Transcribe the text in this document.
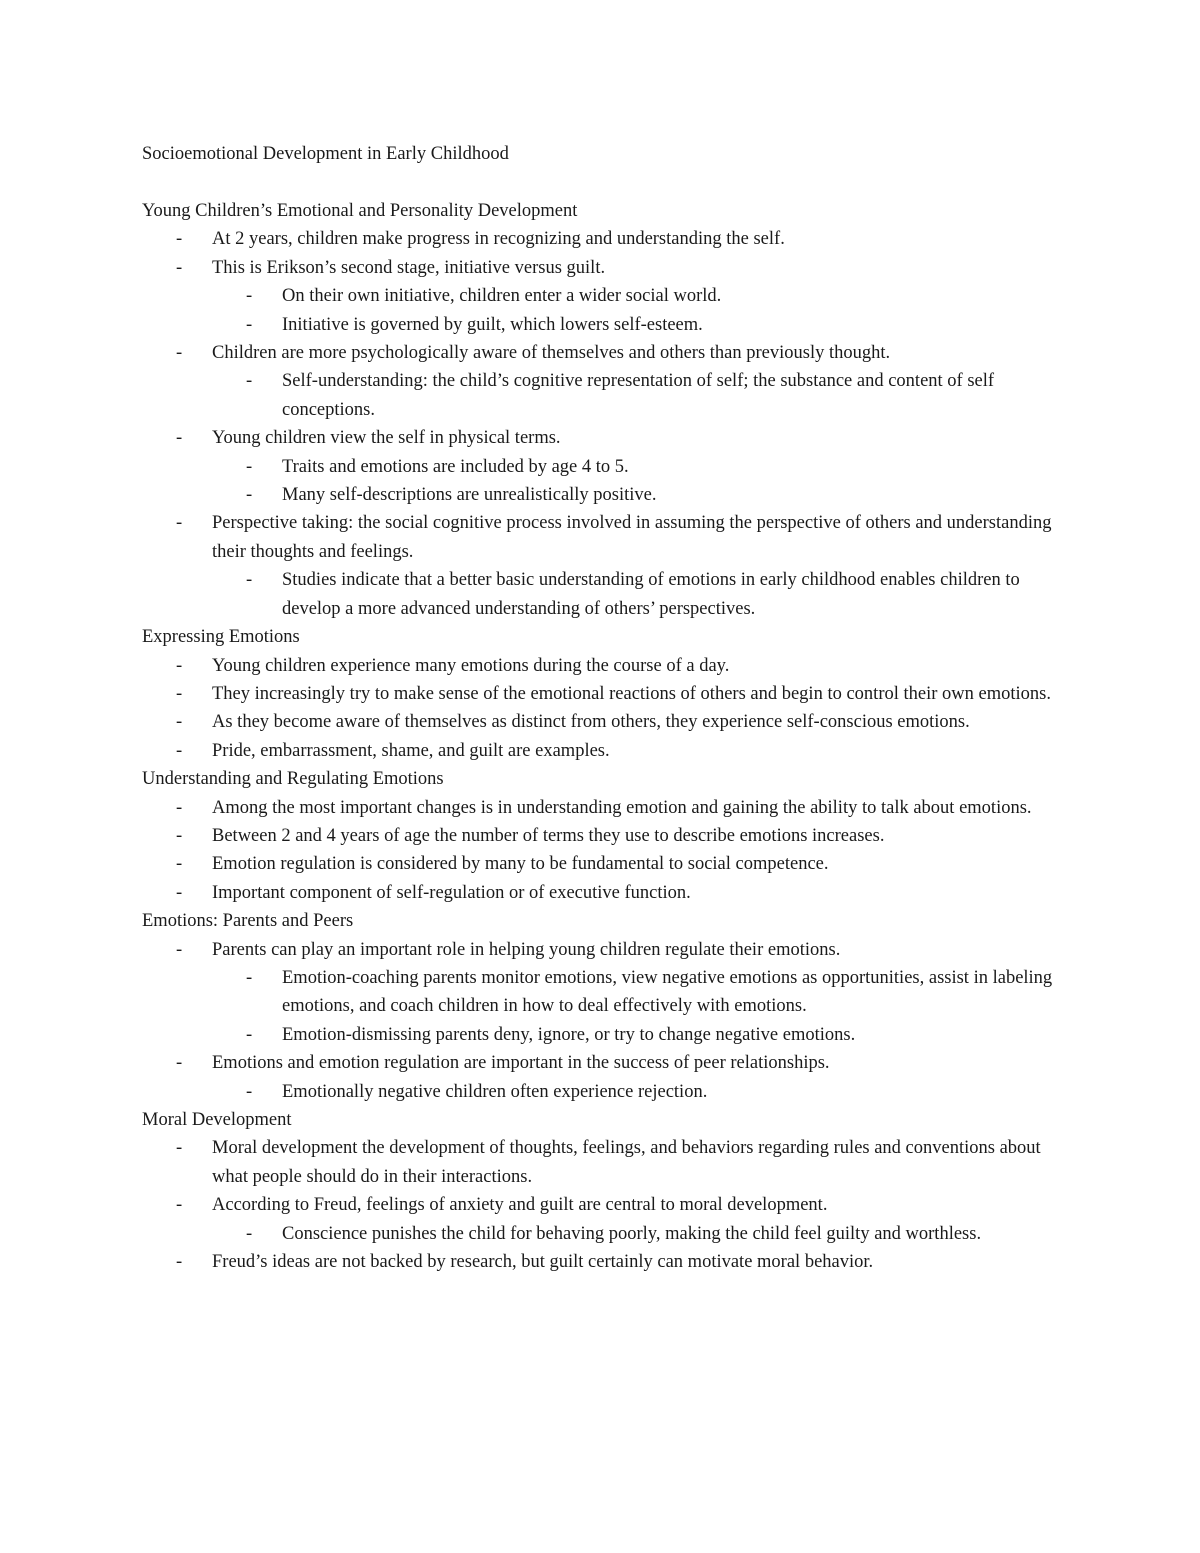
Socioemotional Development in Early Childhood
Young Children’s Emotional and Personality Development
- At 2 years, children make progress in recognizing and understanding the self.
- This is Erikson’s second stage, initiative versus guilt.
- On their own initiative, children enter a wider social world.
- Initiative is governed by guilt, which lowers self-esteem.
- Children are more psychologically aware of themselves and others than previously thought.
- Self-understanding: the child’s cognitive representation of self; the substance and content of self conceptions.
- Young children view the self in physical terms.
- Traits and emotions are included by age 4 to 5.
- Many self-descriptions are unrealistically positive.
- Perspective taking: the social cognitive process involved in assuming the perspective of others and understanding their thoughts and feelings.
- Studies indicate that a better basic understanding of emotions in early childhood enables children to develop a more advanced understanding of others’ perspectives.
Expressing Emotions
- Young children experience many emotions during the course of a day.
- They increasingly try to make sense of the emotional reactions of others and begin to control their own emotions.
- As they become aware of themselves as distinct from others, they experience self-conscious emotions.
- Pride, embarrassment, shame, and guilt are examples.
Understanding and Regulating Emotions
- Among the most important changes is in understanding emotion and gaining the ability to talk about emotions.
- Between 2 and 4 years of age the number of terms they use to describe emotions increases.
- Emotion regulation is considered by many to be fundamental to social competence.
- Important component of self-regulation or of executive function.
Emotions: Parents and Peers
- Parents can play an important role in helping young children regulate their emotions.
- Emotion-coaching parents monitor emotions, view negative emotions as opportunities, assist in labeling emotions, and coach children in how to deal effectively with emotions.
- Emotion-dismissing parents deny, ignore, or try to change negative emotions.
- Emotions and emotion regulation are important in the success of peer relationships.
- Emotionally negative children often experience rejection.
Moral Development
- Moral development the development of thoughts, feelings, and behaviors regarding rules and conventions about what people should do in their interactions.
- According to Freud, feelings of anxiety and guilt are central to moral development.
- Conscience punishes the child for behaving poorly, making the child feel guilty and worthless.
- Freud’s ideas are not backed by research, but guilt certainly can motivate moral behavior.
